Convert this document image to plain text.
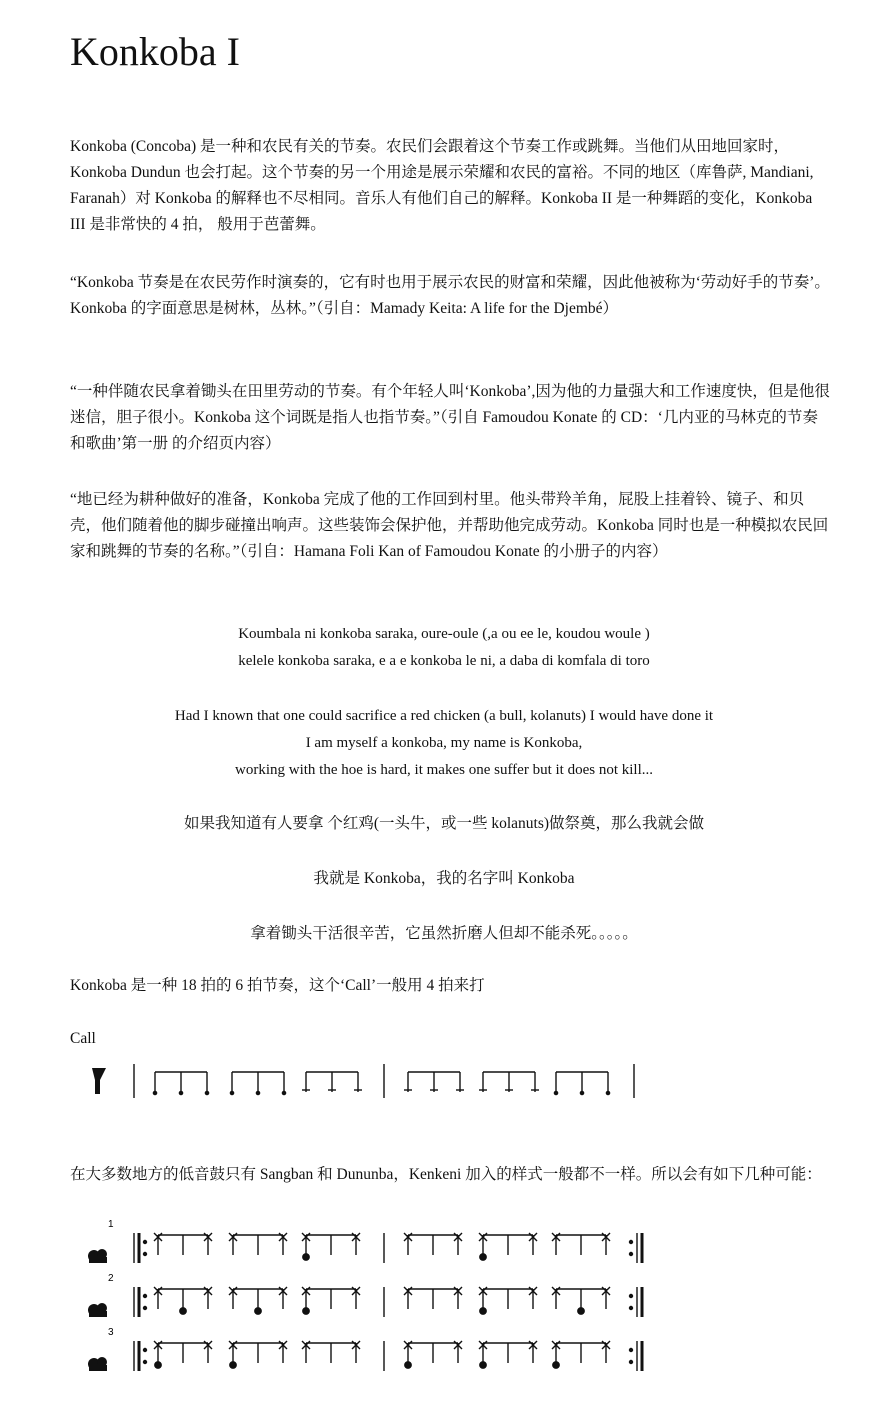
Konkoba I

Konkoba (Concoba) 是一种和农民有关的节奏。农民们会跟着这个节奏工作或跳舞。当他们从田地回家时，Konkoba Dundun 也会打起。这个节奏的另一个用途是展示荣耀和农民的富裕。不同的地区（库鲁萨, Mandiani, Faranah）对 Konkoba 的解释也不尽相同。音乐人有他们自己的解释。Konkoba II 是一种舞蹈的变化，Konkoba III 是非常快的 4 拍， 般用于芭蕾舞。

“Konkoba 节奏是在农民劳作时演奏的，它有时也用于展示农民的财富和荣耀，因此他被称为‘劳动好手的节奏’。Konkoba 的字面意思是树林，丛林。”（引自：Mamady Keita: A life for the Djembé）

“一种伴随农民拿着锄头在田里劳动的节奏。有个年轻人叫‘Konkoba’,因为他的力量强大和工作速度快，但是他很迷信，胆子很小。Konkoba 这个词既是指人也指节奏。”（引自 Famoudou Konate 的 CD：‘几内亚的马林克的节奏和歌曲’第一册 的介绍页内容）

“地已经为耕种做好的准备，Konkoba 完成了他的工作回到村里。他头带羚羊角，屁股上挂着铃、镜子、和贝壳，他们随着他的脚步碰撞出响声。这些装饰会保护他，并帮助他完成劳动。Konkoba 同时也是一种模拟农民回家和跳舞的节奏的名称。”（引自：Hamana Foli Kan of Famoudou Konate 的小册子的内容）

Koumbala ni konkoba saraka, oure-oule (,a ou ee le, koudou woule )
kelele konkoba saraka, e a e konkoba le ni, a daba di komfala di toro
Had I known that one could sacrifice a red chicken (a bull, kolanuts) I would have done it
I am myself a konkoba, my name is Konkoba,
working with the hoe is hard, it makes one suffer but it does not kill...
如果我知道有人要拿 个红鸡(一头牛，或一些 kolanuts)做祭奠，那么我就会做
我就是 Konkoba，我的名字叫 Konkoba
拿着锄头干活很辛苦，它虽然折磨人但却不能杀死。。。。。

Konkoba 是一种 18 拍的 6 拍节奏，这个‘Call’一般用 4 拍来打

Call

在大多数地方的低音鼓只有 Sangban 和 Dununba，Kenkeni 加入的样式一般都不一样。所以会有如下几种可能：

1
2
3
